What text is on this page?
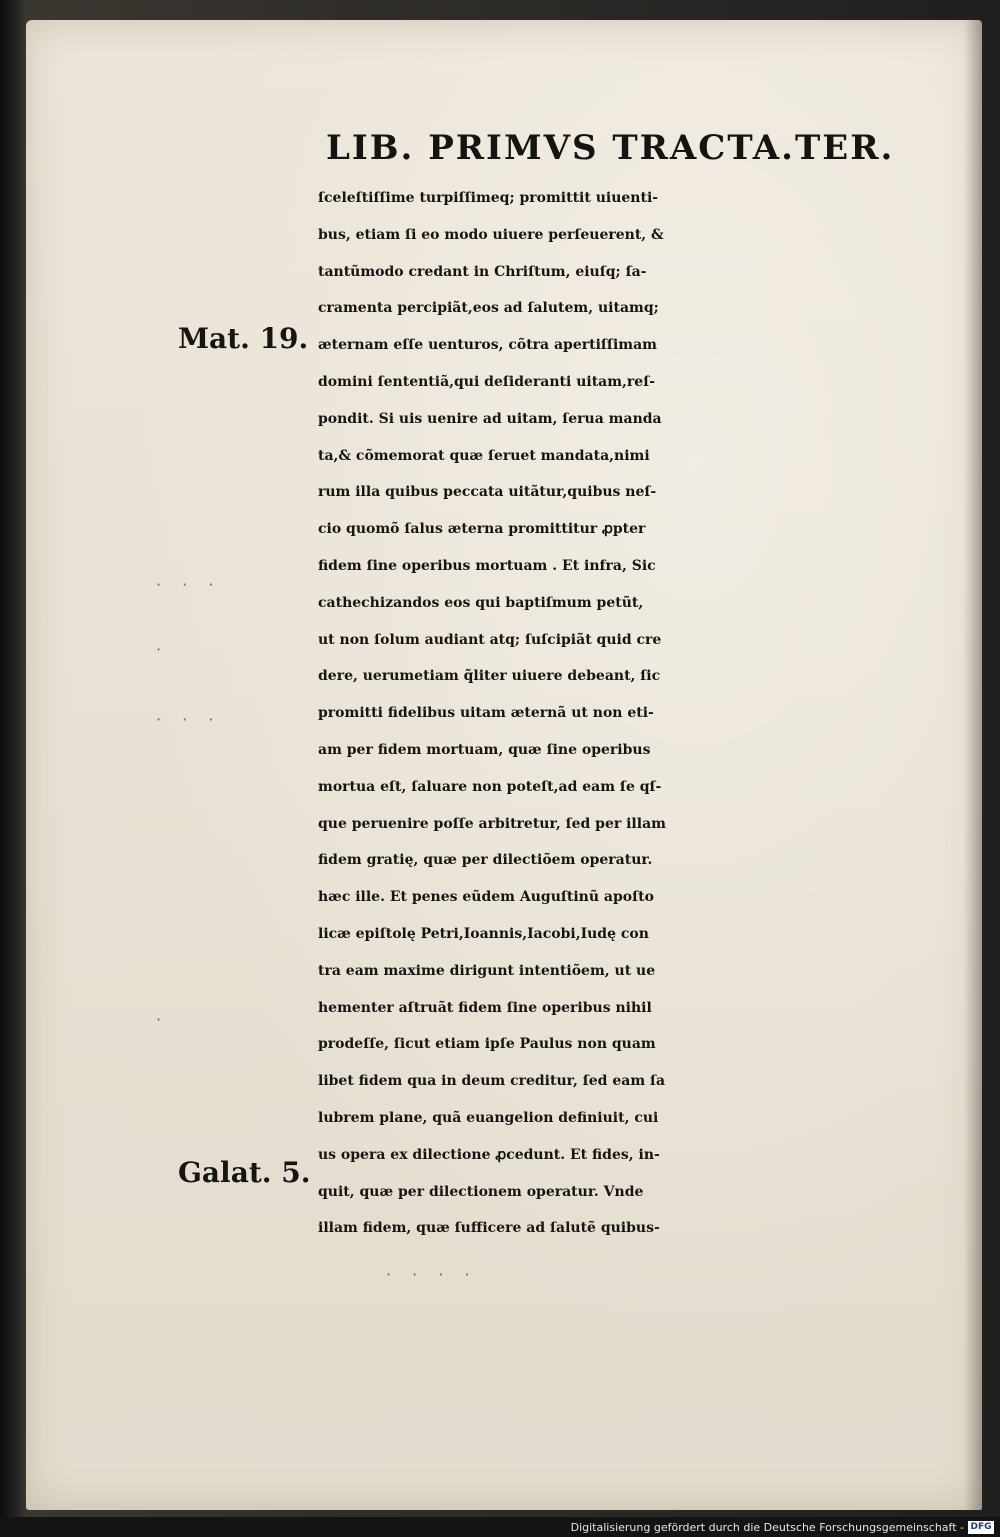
LIB. PRIMVS TRACTA.TER.
Mat. 19.
Galat. 5.
· · ·
·
· · ·
·
· · · ·
ſceleſtiſſime turpiſſimeq; promittit uiuenti-
bus, etiam ſi eo modo uiuere perſeuerent, &
tantũmodo credant in Chriſtum, eiuſq; ſa-
cramenta percipiãt,eos ad ſalutem, uitamq;
æternam eſſe uenturos, cõtra apertiſſimam
domini ſententiã,qui deſideranti uitam,reſ-
pondit. Si uis uenire ad uitam, ſerua manda
ta,& cõmemorat quæ ſeruet mandata,nimi
rum illa quibus peccata uitãtur,quibus neſ-
cio quomõ ſalus æterna promittitur ꝓpter
fidem ſine operibus mortuam . Et infra, Sic
cathechizandos eos qui baptiſmum petũt,
ut non ſolum audiant atq; ſuſcipiãt quid cre
dere, uerumetiam q̃liter uiuere debeant, ſic
promitti fidelibus uitam æternã ut non eti-
am per fidem mortuam, quæ ſine operibus
mortua eſt, ſaluare non poteſt,ad eam ſe qſ-
que peruenire poſſe arbitretur, ſed per illam
fidem gratię, quæ per dilectiõem operatur.
hæc ille. Et penes eũdem Auguſtinũ apoſto
licæ epiſtolę Petri,Ioannis,Iacobi,Iudę con
tra eam maxime dirigunt intentiõem, ut ue
hementer aſtruãt fidem ſine operibus nihil
prodeſſe, ſicut etiam ipſe Paulus non quam
libet fidem qua in deum creditur, ſed eam ſa
lubrem plane, quã euangelion definiuit, cui
us opera ex dilectione ꝓcedunt. Et fides, in-
quit, quæ per dilectionem operatur. Vnde
illam fidem, quæ ſufficere ad ſalutẽ quibus-
Digitalisierung gefördert durch die Deutsche Forschungsgemeinschaft - DFG
